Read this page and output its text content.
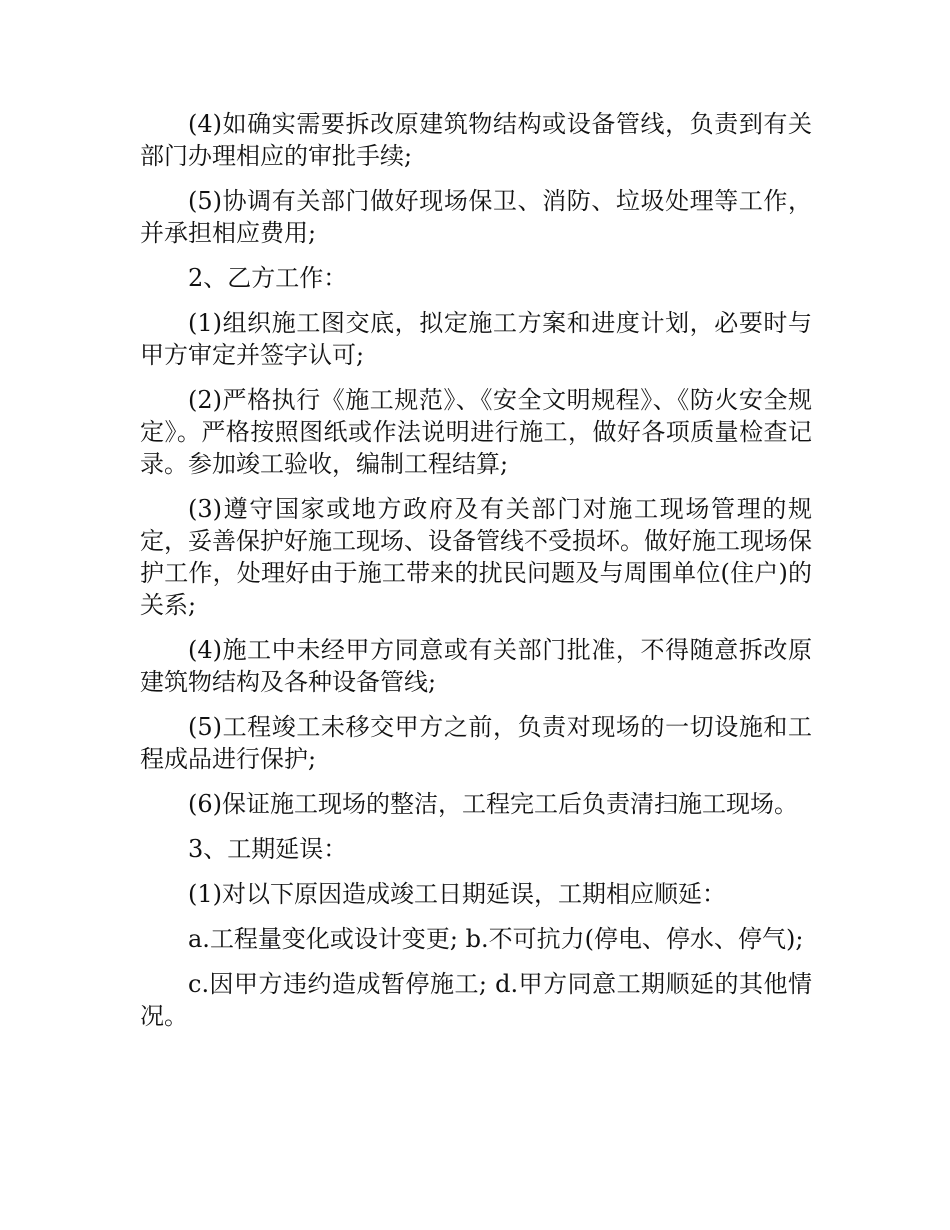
(4)如确实需要拆改原建筑物结构或设备管线，负责到有关部门办理相应的审批手续;

(5)协调有关部门做好现场保卫、消防、垃圾处理等工作，并承担相应费用;

2、乙方工作：

(1)组织施工图交底，拟定施工方案和进度计划，必要时与甲方审定并签字认可;

(2)严格执行《施工规范》、《安全文明规程》、《防火安全规定》。严格按照图纸或作法说明进行施工，做好各项质量检查记录。参加竣工验收，编制工程结算;

(3)遵守国家或地方政府及有关部门对施工现场管理的规定，妥善保护好施工现场、设备管线不受损坏。做好施工现场保护工作，处理好由于施工带来的扰民问题及与周围单位(住户)的关系;

(4)施工中未经甲方同意或有关部门批准，不得随意拆改原建筑物结构及各种设备管线;

(5)工程竣工未移交甲方之前，负责对现场的一切设施和工程成品进行保护;

(6)保证施工现场的整洁，工程完工后负责清扫施工现场。

3、工期延误：

(1)对以下原因造成竣工日期延误，工期相应顺延：

a.工程量变化或设计变更; b.不可抗力(停电、停水、停气);

c.因甲方违约造成暂停施工; d.甲方同意工期顺延的其他情况。
